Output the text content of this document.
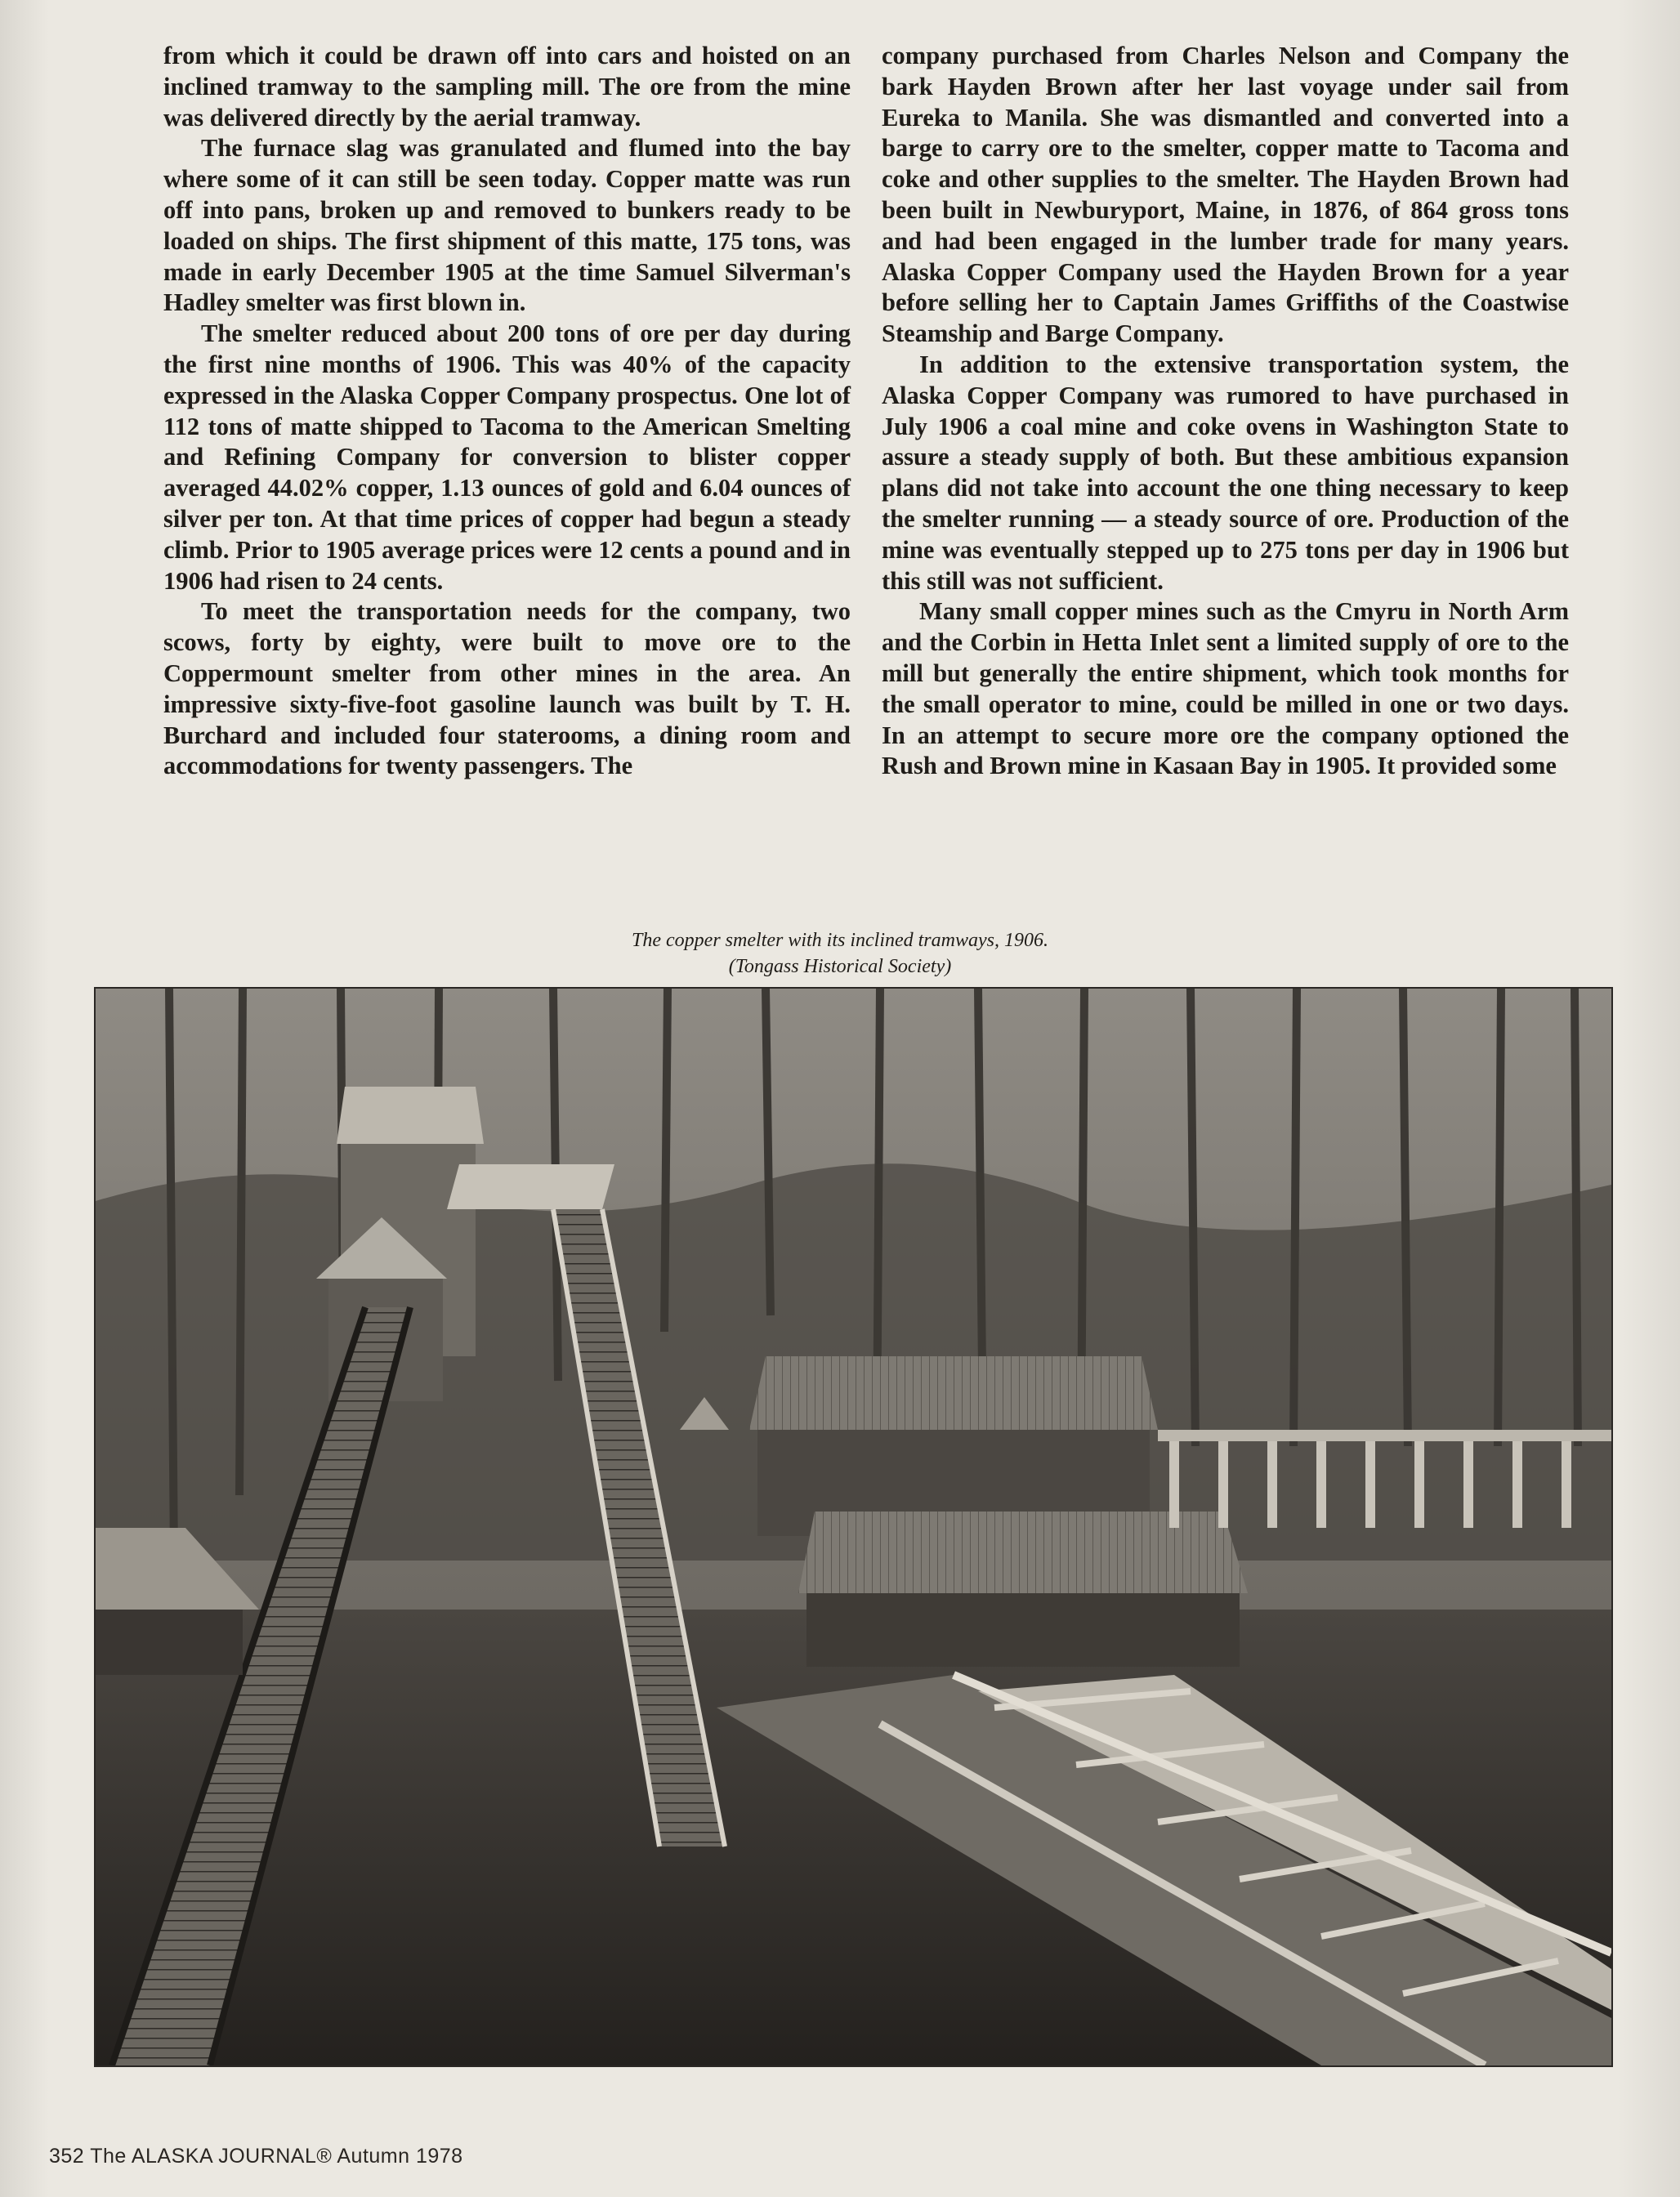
from which it could be drawn off into cars and hoisted on an inclined tramway to the sampling mill. The ore from the mine was delivered directly by the aerial tramway.

The furnace slag was granulated and flumed into the bay where some of it can still be seen today. Copper matte was run off into pans, broken up and removed to bunkers ready to be loaded on ships. The first shipment of this matte, 175 tons, was made in early December 1905 at the time Samuel Silverman's Hadley smelter was first blown in.

The smelter reduced about 200 tons of ore per day during the first nine months of 1906. This was 40% of the capacity expressed in the Alaska Copper Company prospectus. One lot of 112 tons of matte shipped to Tacoma to the American Smelting and Refining Company for conversion to blister copper averaged 44.02% copper, 1.13 ounces of gold and 6.04 ounces of silver per ton. At that time prices of copper had begun a steady climb. Prior to 1905 average prices were 12 cents a pound and in 1906 had risen to 24 cents.

To meet the transportation needs for the company, two scows, forty by eighty, were built to move ore to the Coppermount smelter from other mines in the area. An impressive sixty-five-foot gasoline launch was built by T. H. Burchard and included four staterooms, a dining room and accommodations for twenty passengers. The

company purchased from Charles Nelson and Company the bark Hayden Brown after her last voyage under sail from Eureka to Manila. She was dismantled and converted into a barge to carry ore to the smelter, copper matte to Tacoma and coke and other supplies to the smelter. The Hayden Brown had been built in Newburyport, Maine, in 1876, of 864 gross tons and had been engaged in the lumber trade for many years. Alaska Copper Company used the Hayden Brown for a year before selling her to Captain James Griffiths of the Coastwise Steamship and Barge Company.

In addition to the extensive transportation system, the Alaska Copper Company was rumored to have purchased in July 1906 a coal mine and coke ovens in Washington State to assure a steady supply of both. But these ambitious expansion plans did not take into account the one thing necessary to keep the smelter running — a steady source of ore. Production of the mine was eventually stepped up to 275 tons per day in 1906 but this still was not sufficient.

Many small copper mines such as the Cmyru in North Arm and the Corbin in Hetta Inlet sent a limited supply of ore to the mill but generally the entire shipment, which took months for the small operator to mine, could be milled in one or two days. In an attempt to secure more ore the company optioned the Rush and Brown mine in Kasaan Bay in 1905. It provided some

The copper smelter with its inclined tramways, 1906.
(Tongass Historical Society)
352 The ALASKA JOURNAL® Autumn 1978
